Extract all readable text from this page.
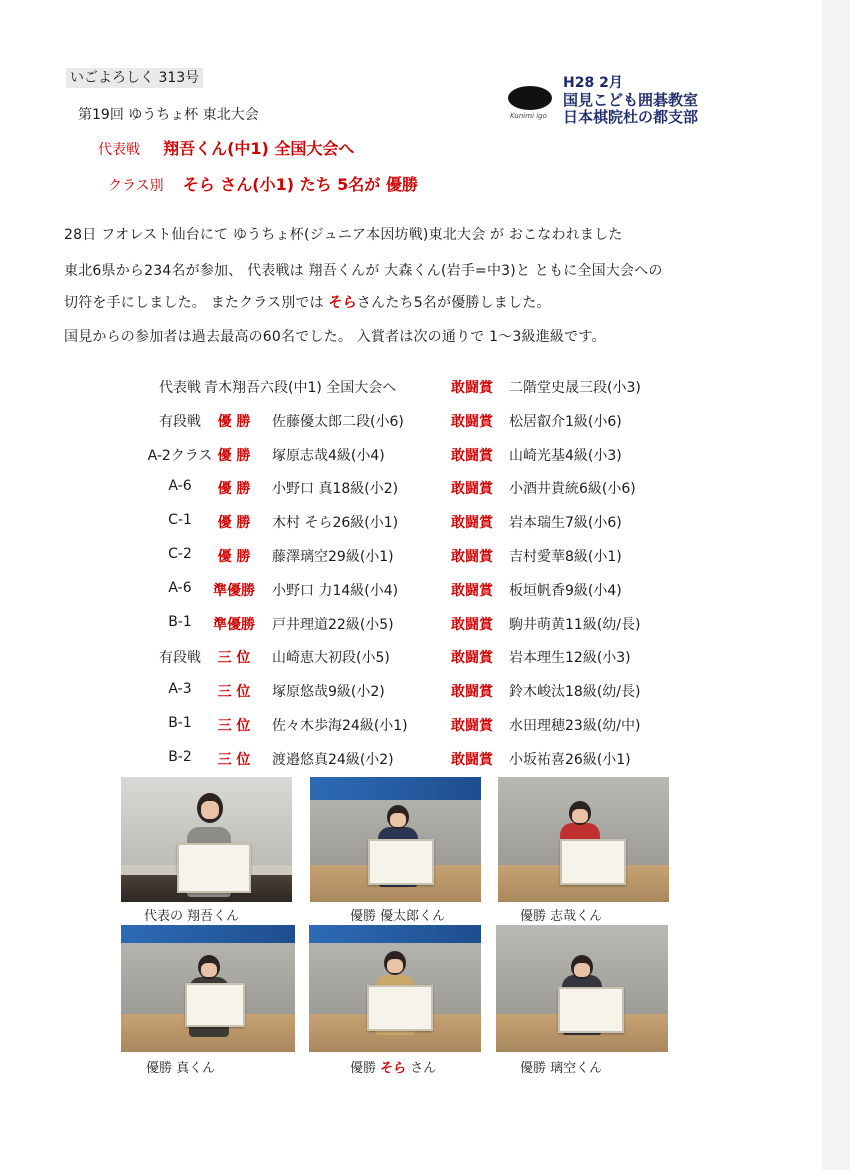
いごよろしく 313号
第19回 ゆうちょ杯 東北大会	Kunimi igo
H28 2月
国見こども囲碁教室
日本棋院杜の都支部
代表戦 翔吾くん(中1) 全国大会へ
クラス別 そら さん(小1) たち 5名が 優勝
28日 フオレスト仙台にて ゆうちょ杯(ジュニア本因坊戦)東北大会 が おこなわれました
東北6県から234名が参加、 代表戦は 翔吾くんが 大森くん(岩手=中3)と ともに全国大会への
切符を手にしました。 またクラス別では そらさんたち5名が優勝しました。
国見からの参加者は過去最高の60名でした。 入賞者は次の通りで 1～3級進級です。
代表戦 青木翔吾六段(中1) 全国大会へ	敢闘賞 二階堂史晟三段(小3)
有段戦	優 勝	佐藤優太郎二段(小6)	敢闘賞 松居叡介1級(小6)
A-2クラス 優 勝	塚原志哉4級(小4)	敢闘賞 山崎光基4級(小3)
A-6	優 勝	小野口 真18級(小2)	敢闘賞 小酒井貴統6級(小6)
C-1	優 勝	木村 そら26級(小1)	敢闘賞 岩本瑞生7級(小6)
C-2	優 勝	藤澤璃空29級(小1)	敢闘賞 吉村愛華8級(小1)
A-6	準優勝	小野口 力14級(小4)	敢闘賞 板垣帆香9級(小4)
B-1	準優勝	戸井理道22級(小5)	敢闘賞 駒井萌黄11級(幼/長)
有段戦	三 位	山崎恵大初段(小5)	敢闘賞 岩本理生12級(小3)
A-3	三 位	塚原悠哉9級(小2)	敢闘賞 鈴木峻汰18級(幼/長)
B-1	三 位	佐々木歩海24級(小1)	敢闘賞 水田理穂23級(幼/中)
B-2	三 位	渡邉悠真24級(小2)	敢闘賞 小坂祐喜26級(小1)
代表の 翔吾くん	優勝 優太郎くん	優勝 志哉くん
優勝 真くん	優勝 そら さん	優勝 璃空くん
